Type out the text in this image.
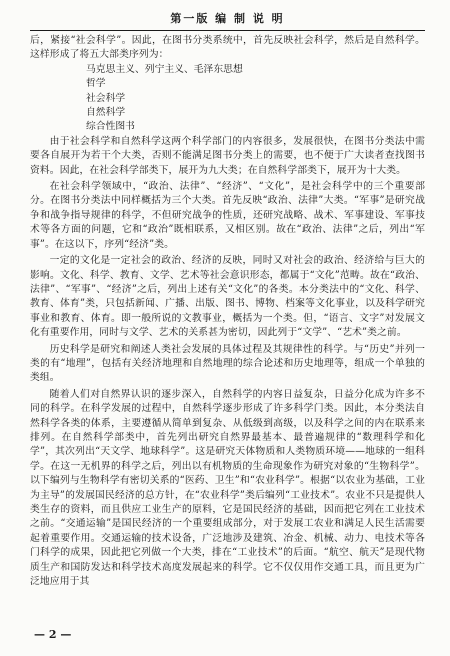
第一版 编 制 说 明

后，紧接“社会科学”。因此，在图书分类系统中，首先反映社会科学，然后是自然科学。这样形成了将五大部类序列为：

马克思主义、列宁主义、毛泽东思想
哲学
社会科学
自然科学
综合性图书

由于社会科学和自然科学这两个科学部门的内容很多，发展很快，在图书分类法中需要各自展开为若干个大类，否则不能满足图书分类上的需要，也不便于广大读者查找图书资料。因此，在社会科学部类下，展开为九大类；在自然科学部类下，展开为十大类。

在社会科学领域中，“政治、法律”、“经济”、“文化”，是社会科学中的三个重要部分。在图书分类法中同样概括为三个大类。首先反映“政治、法律”大类。“军事”是研究战争和战争指导规律的科学，不但研究战争的性质，还研究战略、战术、军事建设、军事技术等各方面的问题，它和“政治”既相联系，又相区别。故在“政治、法律”之后，列出“军事”。在这以下，序列“经济”类。

一定的文化是一定社会的政治、经济的反映，同时又对社会的政治、经济给与巨大的影响。文化、科学、教育、文学、艺术等社会意识形态，都属于“文化”范畴。故在“政治、法律”、“军事”、“经济”之后，列出上述有关“文化”的各类。本分类法中的“文化、科学、教育、体育”类，只包括新闻、广播、出版、图书、博物、档案等文化事业，以及科学研究事业和教育、体育。即一般所说的文教事业，概括为一个类。但，“语言、文字”对发展文化有重要作用，同时与文学、艺术的关系甚为密切，因此列于“文学”、“艺术”类之前。

历史科学是研究和阐述人类社会发展的具体过程及其规律性的科学。与“历史”并列一类的有“地理”，包括有关经济地理和自然地理的综合论述和历史地理等，组成一个单独的类组。

随着人们对自然界认识的逐步深入，自然科学的内容日益复杂，日益分化成为许多不同的科学。在科学发展的过程中，自然科学逐步形成了许多科学门类。因此，本分类法自然科学各类的体系，主要遵循从简单到复杂、从低级到高级，以及科学之间的内在联系来排列。在自然科学部类中，首先列出研究自然界最基本、最普遍规律的“数理科学和化学”，其次列出“天文学、地球科学”。这是研究天体物质和人类物质环境——地球的一组科学。在这一无机界的科学之后，列出以有机物质的生命现象作为研究对象的“生物科学”。以下编列与生物科学有密切关系的“医药、卫生”和“农业科学”。根据“以农业为基础，工业为主导”的发展国民经济的总方针，在“农业科学”类后编列“工业技术”。农业不只是提供人类生存的资料，而且供应工业生产的原料，它是国民经济的基础，因而把它列在工业技术之前。“交通运输”是国民经济的一个重要组成部分，对于发展工农业和满足人民生活需要起着重要作用。交通运输的技术设备，广泛地涉及建筑、冶金、机械、动力、电技术等各门科学的成果，因此把它列做一个大类，排在“工业技术”的后面。“航空、航天”是现代物质生产和国防发达和科学技术高度发展起来的科学。它不仅仅用作交通工具，而且更为广泛地应用于其

— 2 —
